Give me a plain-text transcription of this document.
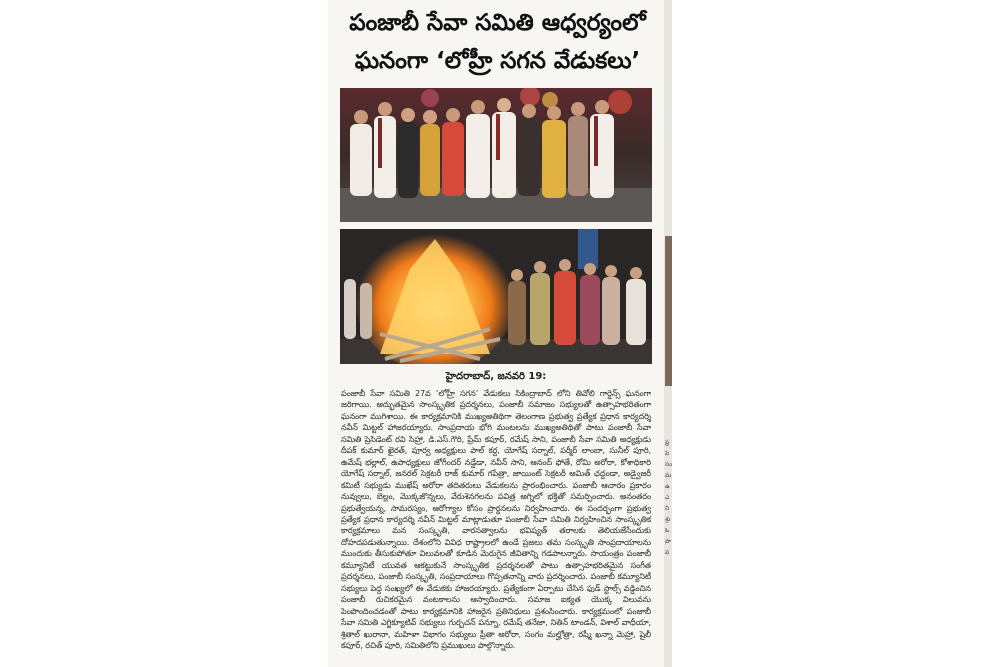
పంజాబీ సేవా సమితి ఆధ్వర్యంలో
ఘనంగా ‘లోహ్రీ సగన వేడుకలు’
హైదరాబాద్, జనవరి 19:
పంజాబీ సేవా సమితి 27వ ‘లోహ్రీ సగన’ వేడుకలు సికింద్రాబాద్ లోని తివోలి గార్డెన్స్ ఘనంగా జరిగాయి. అద్భుతమైన సాంస్కృతిక ప్రదర్శనలు, పంజాబీ సమాజం సభ్యులతో ఉత్సాహభరితంగా ఘనంగా ముగిశాయి. ఈ కార్యక్రమానికి ముఖ్యఅతిథిగా తెలంగాణ ప్రభుత్వ ప్రత్యేక ప్రధాన కార్యదర్శి నవీన్ మిట్టల్ హాజరయ్యారు. సాంప్రదాయ భోగి మంటలను ముఖ్యఅతిథితో పాటు పంజాబీ సేవా సమితి ప్రెసిడెంట్ రవి సిహ్రా, డి.ఎస్.గౌరి, ప్రేమ్ కపూర్, రమేష్ సాని, పంజాబీ సేవా సమితి అధ్యక్షుడు దీపక్ కుమార్ ఖైరత్, పూర్వ అధ్యక్షులు పాల్ కర్ద, యోగేష్ సర్నాల్, పర్మీర్ లాంబా, సునీల్ పూరి, ఉమేష్ భల్లాల్, ఉపాధ్యక్షులు జోగీందర్ నడ్డేడా, నవీన్ సాని, ఆనంద్ ఫోతే, రోమి అరోరా, కోశాధికారి యోగేష్ సర్నాల్, జనరల్ సెక్రటరీ రాజ్ కుమార్ గపేత్రా, జాయింట్ సెక్రటరీ అమిత్ ఛద్దండా, అడ్వైజరీ కమిటీ సభ్యుడు ముఖేష్ అరోరా తదితరులు వేడుకలను ప్రారంభించారు. పంజాబీ ఆచారం ప్రకారం నువ్వులు, బెల్లం, మొక్కజొన్నలు, వేరుశెనగలను పవిత్ర అగ్నిలో భక్తితో సమర్పించారు. అనంతరం ప్రభుత్వేయన్న, సామరస్యం, ఆరోగ్యాల కోసం ప్రార్థనలను నిర్వహించారు. ఈ సందర్భంగా ప్రభుత్వ ప్రత్యేక ప్రధాన కార్యదర్శి నవీన్ మిట్టల్ మాట్లాడుతూ పంజాబీ సేవా సమితి నిర్వహించిన సాంస్కృతిక కార్యక్రమాలు మన సంస్కృతి, వారసత్వాలను భవిష్యత్ తరాలకు తెలియజేసేందుకు దోహదపడుతున్నాయి. దేశంలోని వివిధ రాష్ట్రాలలో ఉండే ప్రజలు తమ సంస్కృతి సాంప్రదాయాలను ముందుకు తీసుకుపోతూ విలువలతో కూడిన మెరుగైన జీవితాన్ని గడపాలన్నారు. సాయంత్రం పంజాబీ కమ్యూనిటీ యువత ఆకట్టుకునే సాంస్కృతిక ప్రదర్శనలతో పాటు ఉత్సాహభరితమైన సంగీత ప్రదర్శనలు, పంజాబీ సంస్కృతి, సంప్రదాయాలు గొప్పతనాన్ని వారు ప్రదర్శించారు. పంజాబీ కమ్యూనిటీ సభ్యులు పెద్ద సంఖ్యలో ఈ వేడుకకు హాజరయ్యారు. ప్రత్యేకంగా ఏర్పాటు చేసిన ఫుడ్ స్టాల్స్ వడ్డించిన పంజాబీ రుచికరమైన వంటకాలను ఆస్వాదించారు. సమాజ ఐక్యత యొక్క విలువను పెంపొందించడంతో పాటు కార్యక్రమానికి హాజరైన ప్రతినిధులు ప్రశంసించారు. కార్యక్రమంలో పంజాబీ సేవా సమితి ఎగ్జిక్యూటివ్ సభ్యులు గుర్బచన్ పన్నూ, రమేష్ తనేజా, నితిన్ టాండన్, విశాల్ వాధీయా, శ్రితాల్ ఖురానా, మహిళా విభాగం సభ్యులు ప్రీతా అరోరా, సంగం మల్హోత్రా, రష్మీ ఖన్నా మెహ్రా, షైలీ కపూర్, రచిత్ పూరి, సమితిలోని ప్రముఖులు పాల్గొన్నారు.
ఫ్ర పె సం మ ఉ ఎ ని శ్రు ఓ పా ప
